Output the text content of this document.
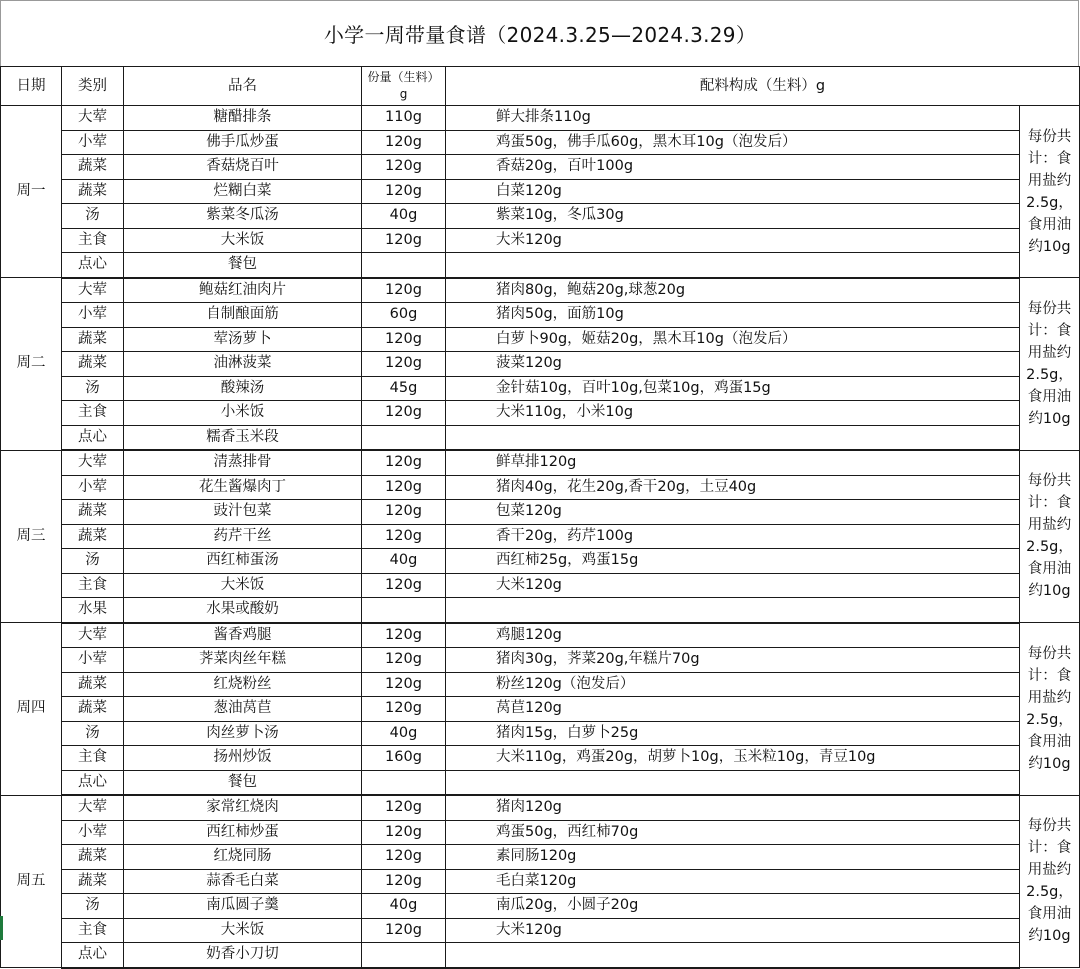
小学一周带量食谱（2024.3.25—2024.3.29）
日期	类别	品名	份量（生料）
g	配料构成（生料）g	
周一	大荤	糖醋排条	110g	鲜大排条110g	每份共计：食用盐约2.5g，食用油约10g
	小荤	佛手瓜炒蛋	120g	鸡蛋50g，佛手瓜60g，黑木耳10g（泡发后）	
	蔬菜	香菇烧百叶	120g	香菇20g，百叶100g	
	蔬菜	烂糊白菜	120g	白菜120g	
	汤	紫菜冬瓜汤	40g	紫菜10g，冬瓜30g	
	主食	大米饭	120g	大米120g	
	点心	餐包			
周二	大荤	鲍菇红油肉片	120g	猪肉80g，鲍菇20g,球葱20g	每份共计：食用盐约2.5g，食用油约10g
	小荤	自制酿面筋	60g	猪肉50g，面筋10g	
	蔬菜	荤汤萝卜	120g	白萝卜90g，姬菇20g，黑木耳10g（泡发后）	
	蔬菜	油淋菠菜	120g	菠菜120g	
	汤	酸辣汤	45g	金针菇10g，百叶10g,包菜10g，鸡蛋15g	
	主食	小米饭	120g	大米110g，小米10g	
	点心	糯香玉米段			
周三	大荤	清蒸排骨	120g	鲜草排120g	每份共计：食用盐约2.5g，食用油约10g
	小荤	花生酱爆肉丁	120g	猪肉40g，花生20g,香干20g，土豆40g	
	蔬菜	豉汁包菜	120g	包菜120g	
	蔬菜	药芹干丝	120g	香干20g，药芹100g	
	汤	西红柿蛋汤	40g	西红柿25g，鸡蛋15g	
	主食	大米饭	120g	大米120g	
	水果	水果或酸奶			
周四	大荤	酱香鸡腿	120g	鸡腿120g	每份共计：食用盐约2.5g，食用油约10g
	小荤	荠菜肉丝年糕	120g	猪肉30g，荠菜20g,年糕片70g	
	蔬菜	红烧粉丝	120g	粉丝120g（泡发后）	
	蔬菜	葱油莴苣	120g	莴苣120g	
	汤	肉丝萝卜汤	40g	猪肉15g，白萝卜25g	
	主食	扬州炒饭	160g	大米110g，鸡蛋20g，胡萝卜10g，玉米粒10g，青豆10g	
	点心	餐包			
周五	大荤	家常红烧肉	120g	猪肉120g	每份共计：食用盐约2.5g，食用油约10g
	小荤	西红柿炒蛋	120g	鸡蛋50g，西红柿70g	
	蔬菜	红烧同肠	120g	素同肠120g	
	蔬菜	蒜香毛白菜	120g	毛白菜120g	
	汤	南瓜圆子羹	40g	南瓜20g，小圆子20g	
	主食	大米饭	120g	大米120g	
	点心	奶香小刀切			
